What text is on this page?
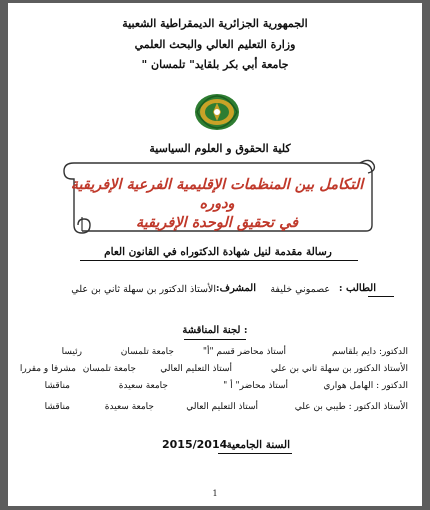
الجمهورية الجزائرية الديمقراطية الشعبية
وزارة التعليم العالي والبحث العلمي
جامعة أبي بكر بلقايد" تلمسان "
كلية الحقوق و العلوم السياسية
التكامل بين المنظمات الإقليمية الفرعية الإفريقية ودوره
في تحقيق الوحدة الإفريقية
رسالة مقدمة لنيل شهادة الدكتوراه في القانون العام
الطالب :
عصموني خليفة
المشرف:
الأستاذ الدكتور بن سهلة ثاني بن علي
: لجنة المناقشة
الدكتور: دايم بلقاسم
أستاذ محاضر قسم "أ"
جامعة تلمسان
رئيسا
الأستاذ الدكتور بن سهلة ثاني بن علي
أستاذ التعليم العالي
جامعة تلمسان
مشرفا و مقررا
الدكتور : الهامل هواري
أستاذ محاضر" أ "
جامعة سعيدة
مناقشا
الأستاذ الدكتور : طيبي بن علي
أستاذ التعليم العالي
جامعة سعيدة
مناقشا
السنة الجامعية:
2015/2014
1
